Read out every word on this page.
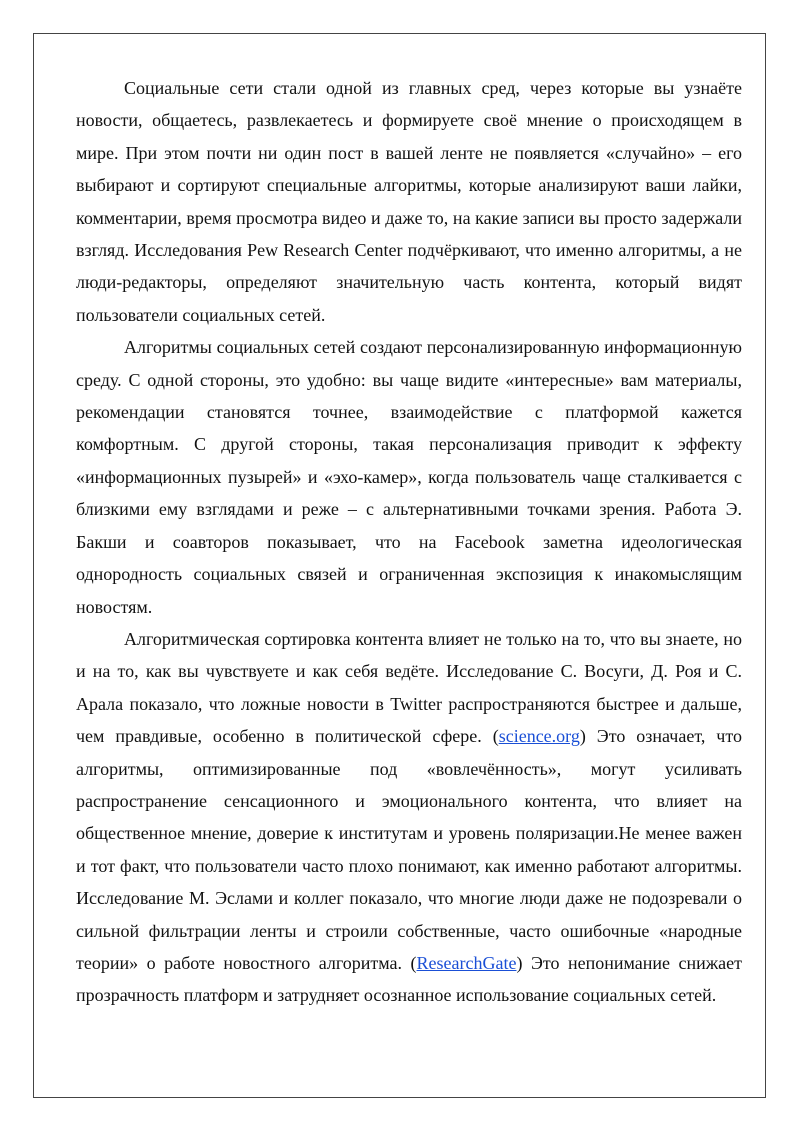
Социальные сети стали одной из главных сред, через которые вы узнаёте новости, общаетесь, развлекаетесь и формируете своё мнение о происходящем в мире. При этом почти ни один пост в вашей ленте не появляется «случайно» – его выбирают и сортируют специальные алгоритмы, которые анализируют ваши лайки, комментарии, время просмотра видео и даже то, на какие записи вы просто задержали взгляд. Исследования Pew Research Center подчёркивают, что именно алгоритмы, а не люди-редакторы, определяют значительную часть контента, который видят пользователи социальных сетей.

Алгоритмы социальных сетей создают персонализированную информационную среду. С одной стороны, это удобно: вы чаще видите «интересные» вам материалы, рекомендации становятся точнее, взаимодействие с платформой кажется комфортным. С другой стороны, такая персонализация приводит к эффекту «информационных пузырей» и «эхо-камер», когда пользователь чаще сталкивается с близкими ему взглядами и реже – с альтернативными точками зрения. Работа Э. Бакши и соавторов показывает, что на Facebook заметна идеологическая однородность социальных связей и ограниченная экспозиция к инакомыслящим новостям.

Алгоритмическая сортировка контента влияет не только на то, что вы знаете, но и на то, как вы чувствуете и как себя ведёте. Исследование С. Восуги, Д. Роя и С. Арала показало, что ложные новости в Twitter распространяются быстрее и дальше, чем правдивые, особенно в политической сфере. (science.org) Это означает, что алгоритмы, оптимизированные под «вовлечённость», могут усиливать распространение сенсационного и эмоционального контента, что влияет на общественное мнение, доверие к институтам и уровень поляризации.Не менее важен и тот факт, что пользователи часто плохо понимают, как именно работают алгоритмы. Исследование М. Эслами и коллег показало, что многие люди даже не подозревали о сильной фильтрации ленты и строили собственные, часто ошибочные «народные теории» о работе новостного алгоритма. (ResearchGate) Это непонимание снижает прозрачность платформ и затрудняет осознанное использование социальных сетей.
